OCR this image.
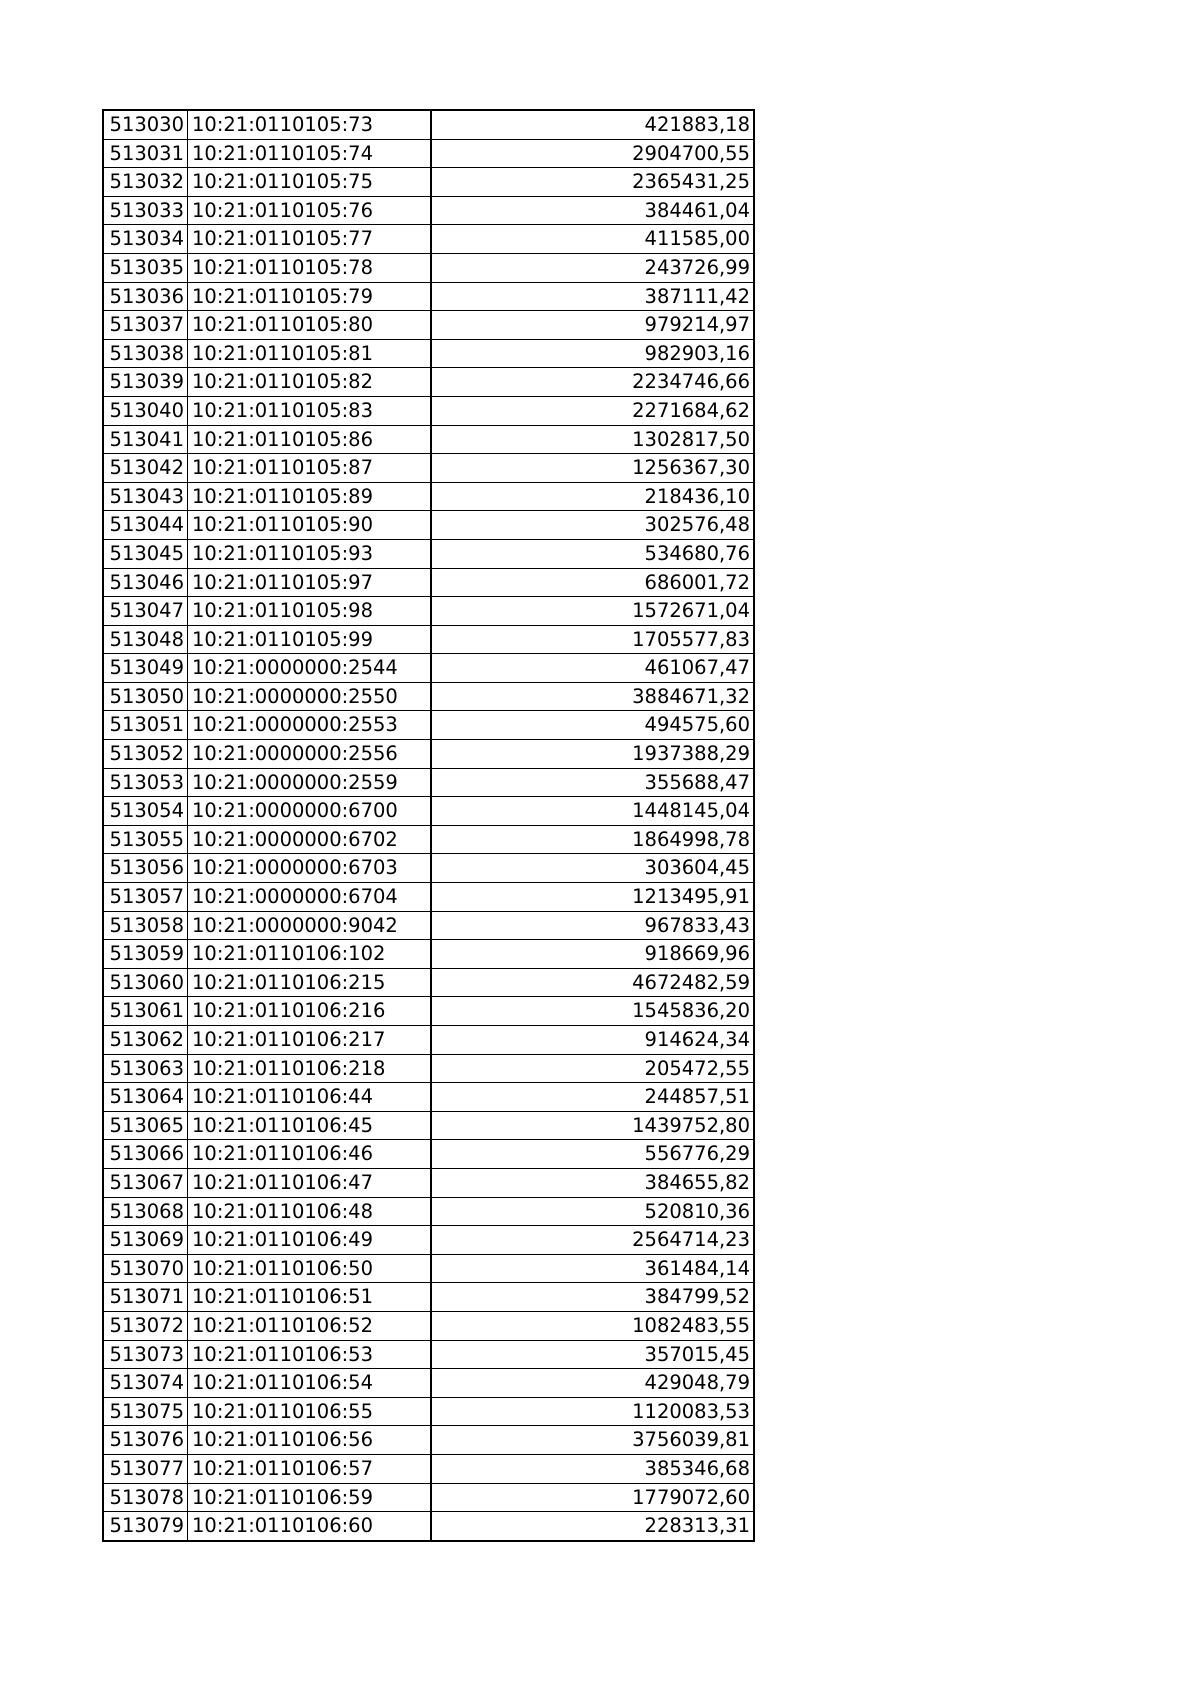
513030	10:21:0110105:73	421883,18
513031	10:21:0110105:74	2904700,55
513032	10:21:0110105:75	2365431,25
513033	10:21:0110105:76	384461,04
513034	10:21:0110105:77	411585,00
513035	10:21:0110105:78	243726,99
513036	10:21:0110105:79	387111,42
513037	10:21:0110105:80	979214,97
513038	10:21:0110105:81	982903,16
513039	10:21:0110105:82	2234746,66
513040	10:21:0110105:83	2271684,62
513041	10:21:0110105:86	1302817,50
513042	10:21:0110105:87	1256367,30
513043	10:21:0110105:89	218436,10
513044	10:21:0110105:90	302576,48
513045	10:21:0110105:93	534680,76
513046	10:21:0110105:97	686001,72
513047	10:21:0110105:98	1572671,04
513048	10:21:0110105:99	1705577,83
513049	10:21:0000000:2544	461067,47
513050	10:21:0000000:2550	3884671,32
513051	10:21:0000000:2553	494575,60
513052	10:21:0000000:2556	1937388,29
513053	10:21:0000000:2559	355688,47
513054	10:21:0000000:6700	1448145,04
513055	10:21:0000000:6702	1864998,78
513056	10:21:0000000:6703	303604,45
513057	10:21:0000000:6704	1213495,91
513058	10:21:0000000:9042	967833,43
513059	10:21:0110106:102	918669,96
513060	10:21:0110106:215	4672482,59
513061	10:21:0110106:216	1545836,20
513062	10:21:0110106:217	914624,34
513063	10:21:0110106:218	205472,55
513064	10:21:0110106:44	244857,51
513065	10:21:0110106:45	1439752,80
513066	10:21:0110106:46	556776,29
513067	10:21:0110106:47	384655,82
513068	10:21:0110106:48	520810,36
513069	10:21:0110106:49	2564714,23
513070	10:21:0110106:50	361484,14
513071	10:21:0110106:51	384799,52
513072	10:21:0110106:52	1082483,55
513073	10:21:0110106:53	357015,45
513074	10:21:0110106:54	429048,79
513075	10:21:0110106:55	1120083,53
513076	10:21:0110106:56	3756039,81
513077	10:21:0110106:57	385346,68
513078	10:21:0110106:59	1779072,60
513079	10:21:0110106:60	228313,31
